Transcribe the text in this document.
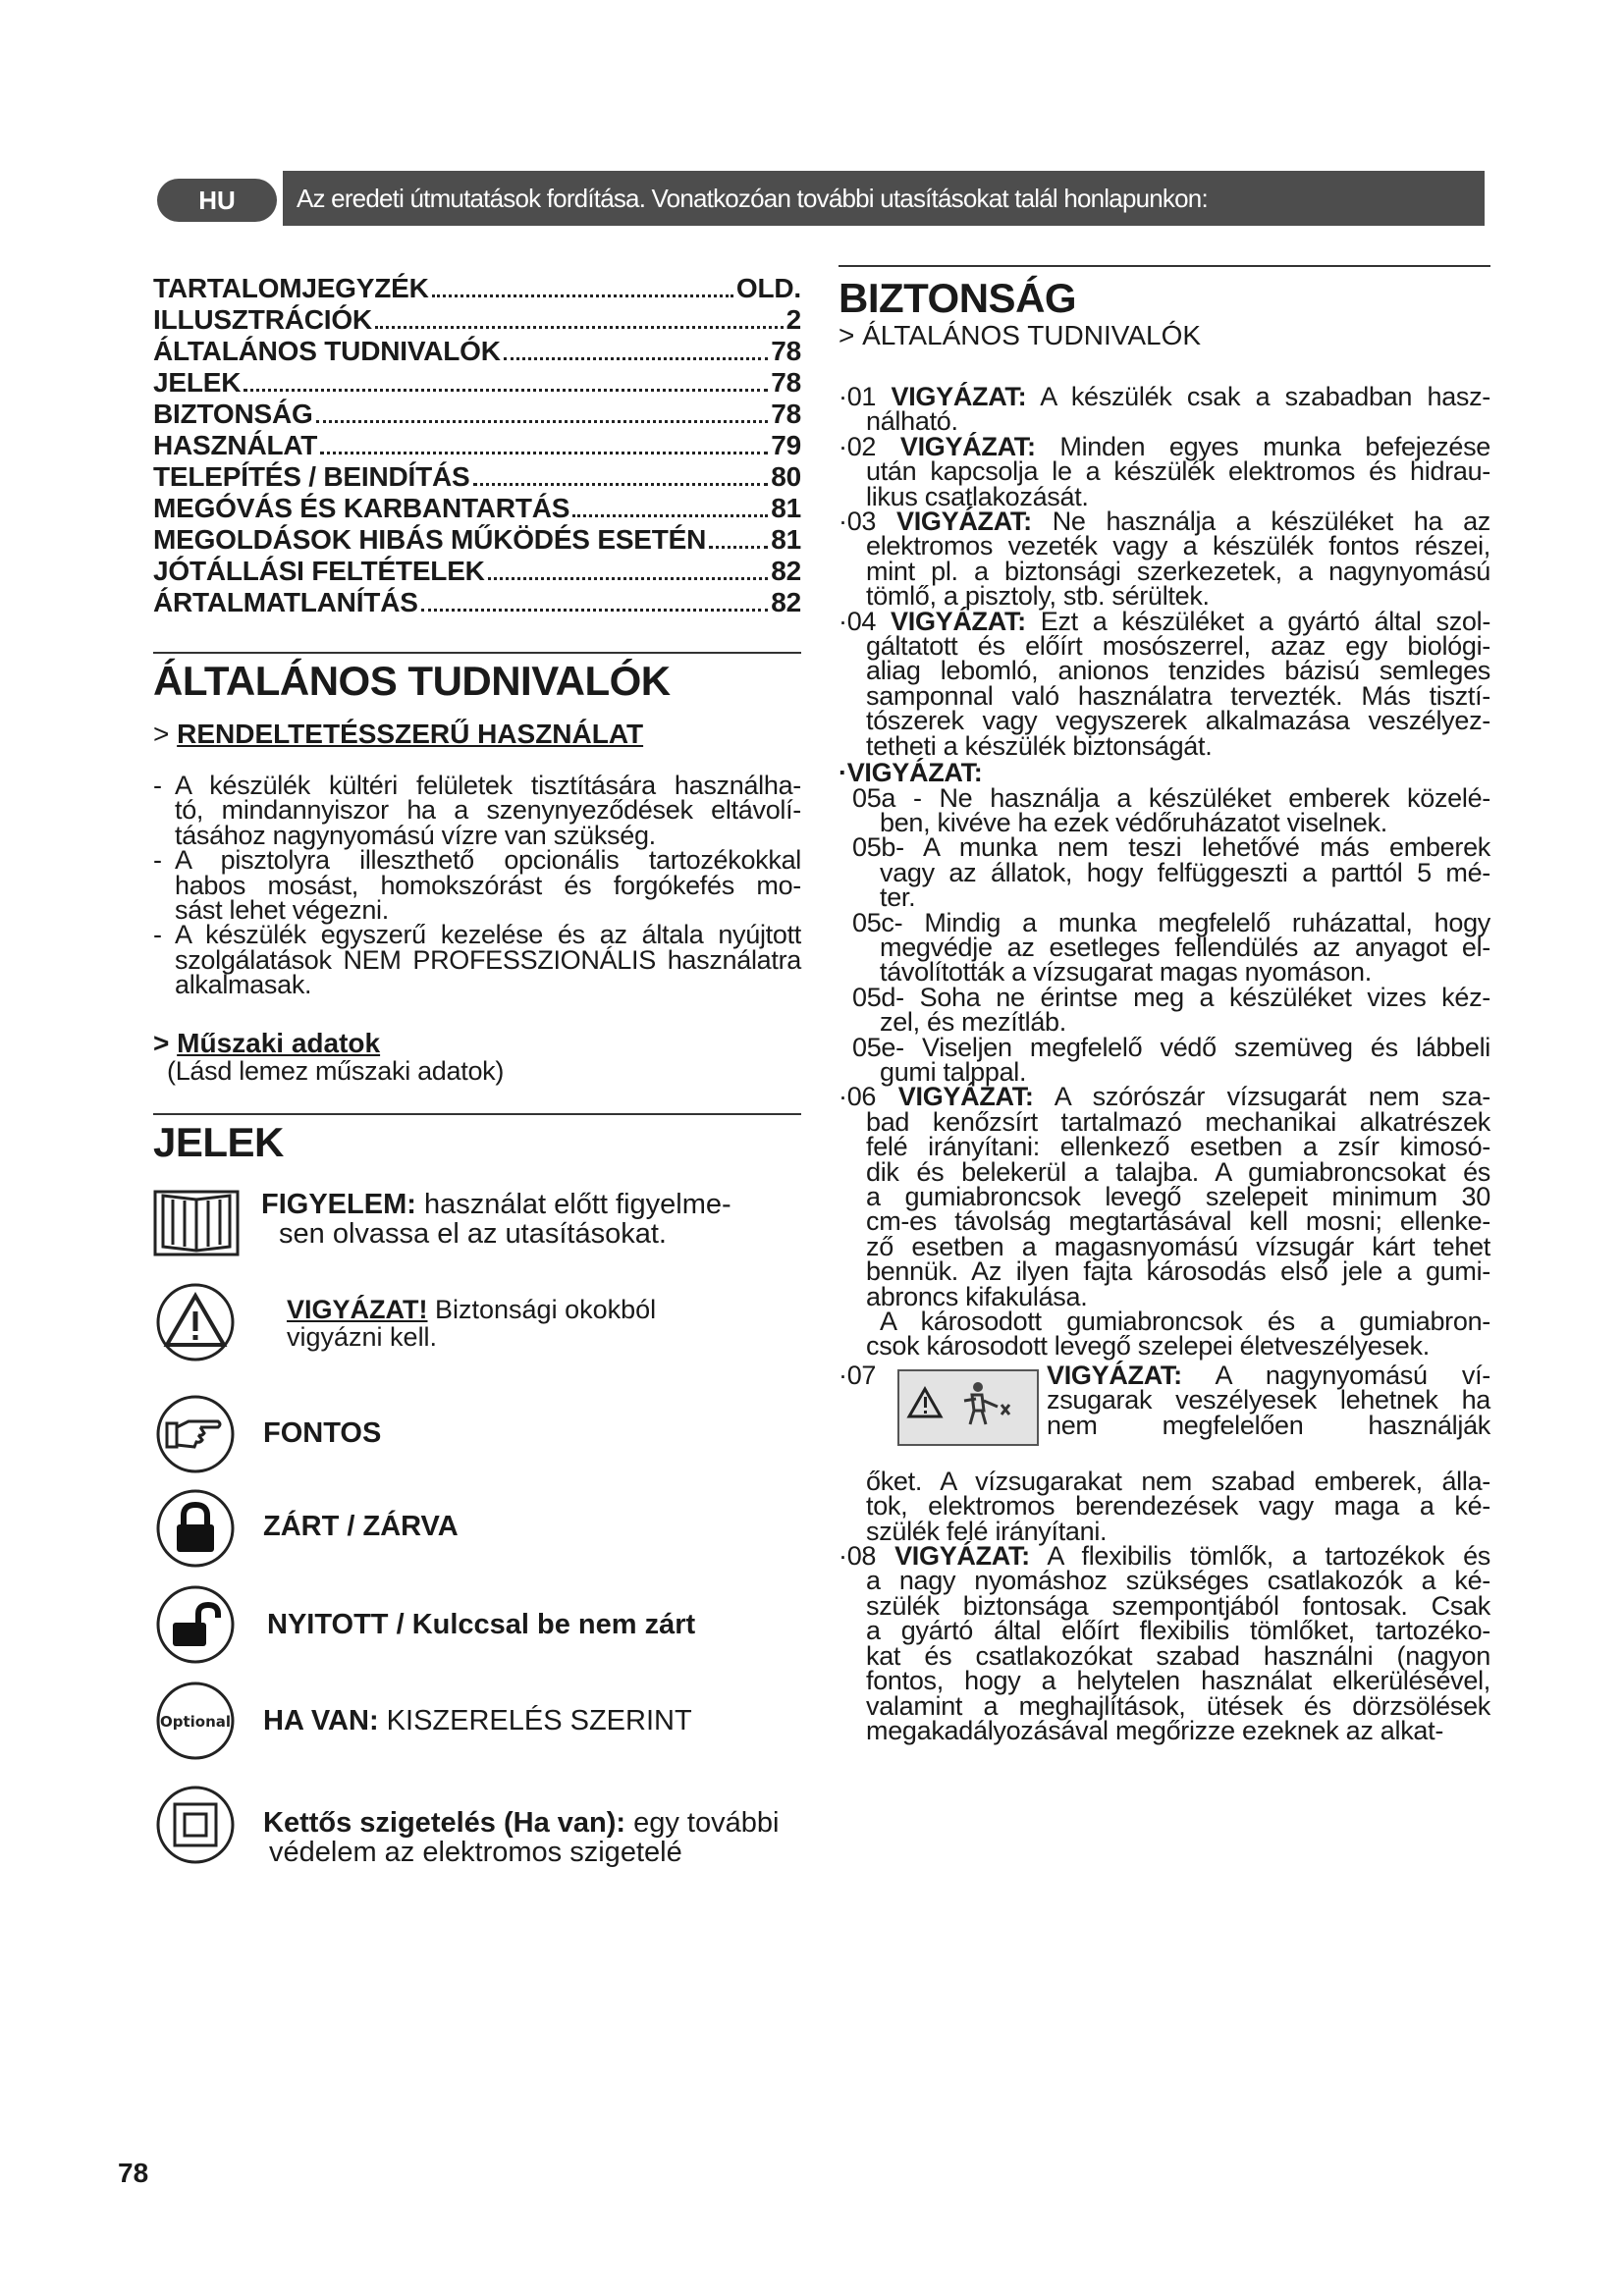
HU	Az eredeti útmutatások fordítása. Vonatkozóan további utasításokat talál honlapunkon:
TARTALOMJEGYZÉK	OLD.
ILLUSZTRÁCIÓK	2
ÁLTALÁNOS TUDNIVALÓK	78
JELEK	78
BIZTONSÁG	78
HASZNÁLAT	79
TELEPÍTÉS / BEINDÍTÁS	80
MEGÓVÁS ÉS KARBANTARTÁS	81
MEGOLDÁSOK HIBÁS MŰKÖDÉS ESETÉN 81
JÓTÁLLÁSI FELTÉTELEK	82
ÁRTALMATLANÍTÁS	82
ÁLTALÁNOS TUDNIVALÓK
> RENDELTETÉSSZERŰ HASZNÁLAT
- A készülék kültéri felületek tisztítására használha-
tó, mindannyiszor ha a szenynyeződések eltávolí-
tásához nagynyomású vízre van szükség.
- A pisztolyra illeszthető opcionális tartozékokkal
habos mosást, homokszórást és forgókefés mo-
sást lehet végezni.
- A készülék egyszerű kezelése és az általa nyújtott
szolgálatások NEM PROFESSZIONÁLIS használatra
alkalmasak.
> Műszaki adatok
(Lásd lemez műszaki adatok)
JELEK
FIGYELEM: használat előtt figyelme-
sen olvassa el az utasításokat.
VIGYÁZAT! Biztonsági okokból
vigyázni kell.
FONTOS
ZÁRT / ZÁRVA
NYITOTT / Kulccsal be nem zárt
Optional HA VAN: KISZERELÉS SZERINT
Kettős szigetelés (Ha van): egy további
védelem az elektromos szigetelé
BIZTONSÁG
> ÁLTALÁNOS TUDNIVALÓK
·01 VIGYÁZAT: A készülék csak a szabadban hasz-
nálható.
·02 VIGYÁZAT: Minden egyes munka befejezése
után kapcsolja le a készülék elektromos és hidrau-
likus csatlakozását.
·03 VIGYÁZAT: Ne használja a készüléket ha az
elektromos vezeték vagy a készülék fontos részei,
mint pl. a biztonsági szerkezetek, a nagynyomású
tömlő, a pisztoly, stb. sérültek.
·04 VIGYÁZAT: Ezt a készüléket a gyártó által szol-
gáltatott és előírt mosószerrel, azaz egy biológi-
aliag lebomló, anionos tenzides bázisú semleges
samponnal való használatra tervezték. Más tisztí-
tószerek vagy vegyszerek alkalmazása veszélyez-
tetheti a készülék biztonságát.
·VIGYÁZAT:
05a - Ne használja a készüléket emberek közelé-
ben, kivéve ha ezek védőruházatot viselnek.
05b- A munka nem teszi lehetővé más emberek
vagy az állatok, hogy felfüggeszti a parttól 5 mé-
ter.
05c- Mindig a munka megfelelő ruházattal, hogy
megvédje az esetleges fellendülés az anyagot el-
távolították a vízsugarat magas nyomáson.
05d- Soha ne érintse meg a készüléket vizes kéz-
zel, és mezítláb.
05e- Viseljen megfelelő védő szemüveg és lábbeli
gumi talppal.
·06 VIGYÁZAT: A szórószár vízsugarát nem sza-
bad kenőzsírt tartalmazó mechanikai alkatrészek
felé irányítani: ellenkező esetben a zsír kimosó-
dik és belekerül a talajba. A gumiabroncsokat és
a gumiabroncsok levegő szelepeit minimum 30
cm-es távolság megtartásával kell mosni; ellenke-
ző esetben a magasnyomású vízsugár kárt tehet
bennük. Az ilyen fajta károsodás első jele a gumi-
abroncs kifakulása.
A károsodott gumiabroncsok és a gumiabron-
csok károsodott levegő szelepei életveszélyesek.
·07	VIGYÁZAT: A nagynyomású ví-
zsugarak veszélyesek lehetnek ha
nem megfelelően használják
őket. A vízsugarakat nem szabad emberek, álla-
tok, elektromos berendezések vagy maga a ké-
szülék felé irányítani.
·08 VIGYÁZAT: A flexibilis tömlők, a tartozékok és
a nagy nyomáshoz szükséges csatlakozók a ké-
szülék biztonsága szempontjából fontosak. Csak
a gyártó által előírt flexibilis tömlőket, tartozéko-
kat és csatlakozókat szabad használni (nagyon
fontos, hogy a helytelen használat elkerülésével,
valamint a meghajlítások, ütések és dörzsölések
megakadályozásával megőrizze ezeknek az alkat-
78
